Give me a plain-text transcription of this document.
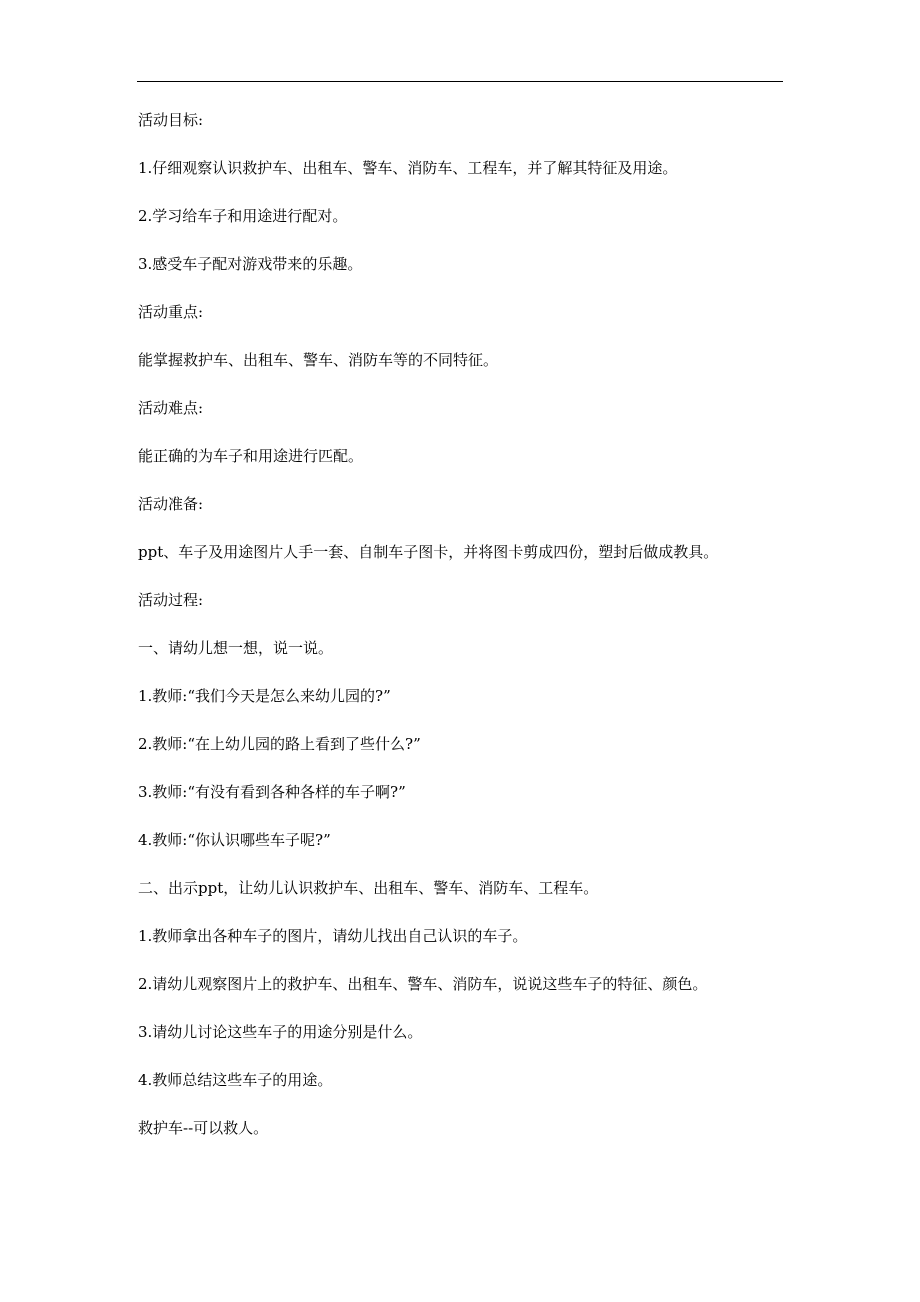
活动目标:

1.仔细观察认识救护车、出租车、警车、消防车、工程车，并了解其特征及用途。

2.学习给车子和用途进行配对。

3.感受车子配对游戏带来的乐趣。

活动重点:

能掌握救护车、出租车、警车、消防车等的不同特征。

活动难点:

能正确的为车子和用途进行匹配。

活动准备:

ppt、车子及用途图片人手一套、自制车子图卡，并将图卡剪成四份，塑封后做成教具。

活动过程:

一、请幼儿想一想，说一说。

1.教师:“我们今天是怎么来幼儿园的?”

2.教师:“在上幼儿园的路上看到了些什么?”

3.教师:“有没有看到各种各样的车子啊?”

4.教师:“你认识哪些车子呢?”

二、出示ppt，让幼儿认识救护车、出租车、警车、消防车、工程车。

1.教师拿出各种车子的图片，请幼儿找出自己认识的车子。

2.请幼儿观察图片上的救护车、出租车、警车、消防车，说说这些车子的特征、颜色。

3.请幼儿讨论这些车子的用途分别是什么。

4.教师总结这些车子的用途。

救护车--可以救人。
